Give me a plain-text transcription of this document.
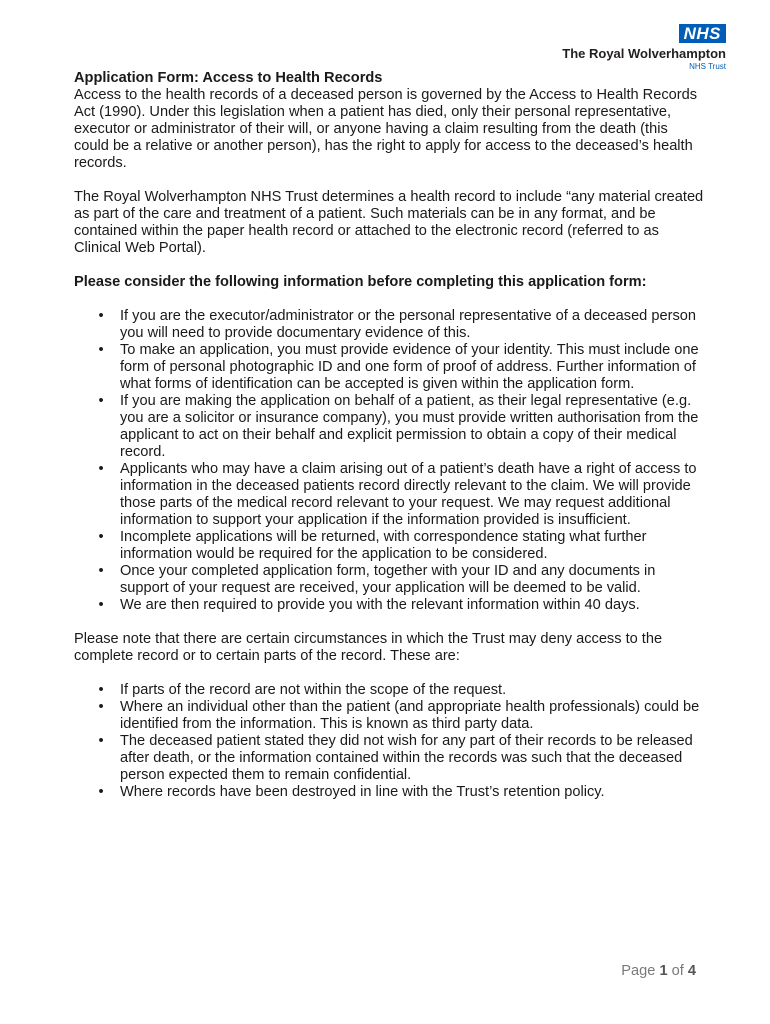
NHS
The Royal Wolverhampton
NHS Trust
Application Form: Access to Health Records

Access to the health records of a deceased person is governed by the Access to Health Records Act (1990). Under this legislation when a patient has died, only their personal representative, executor or administrator of their will, or anyone having a claim resulting from the death (this could be a relative or another person), has the right to apply for access to the deceased’s health records.

The Royal Wolverhampton NHS Trust determines a health record to include “any material created as part of the care and treatment of a patient. Such materials can be in any format, and be contained within the paper health record or attached to the electronic record (referred to as Clinical Web Portal).

Please consider the following information before completing this application form:
• If you are the executor/administrator or the personal representative of a deceased person you will need to provide documentary evidence of this.
• To make an application, you must provide evidence of your identity. This must include one form of personal photographic ID and one form of proof of address. Further information of what forms of identification can be accepted is given within the application form.
• If you are making the application on behalf of a patient, as their legal representative (e.g. you are a solicitor or insurance company), you must provide written authorisation from the applicant to act on their behalf and explicit permission to obtain a copy of their medical record.
• Applicants who may have a claim arising out of a patient’s death have a right of access to information in the deceased patients record directly relevant to the claim. We will provide those parts of the medical record relevant to your request. We may request additional information to support your application if the information provided is insufficient.
• Incomplete applications will be returned, with correspondence stating what further information would be required for the application to be considered.
• Once your completed application form, together with your ID and any documents in support of your request are received, your application will be deemed to be valid.
• We are then required to provide you with the relevant information within 40 days.

Please note that there are certain circumstances in which the Trust may deny access to the complete record or to certain parts of the record. These are:

• If parts of the record are not within the scope of the request.
• Where an individual other than the patient (and appropriate health professionals) could be identified from the information. This is known as third party data.
• The deceased patient stated they did not wish for any part of their records to be released after death, or the information contained within the records was such that the deceased person expected them to remain confidential.
• Where records have been destroyed in line with the Trust’s retention policy.
Page 1 of 4
